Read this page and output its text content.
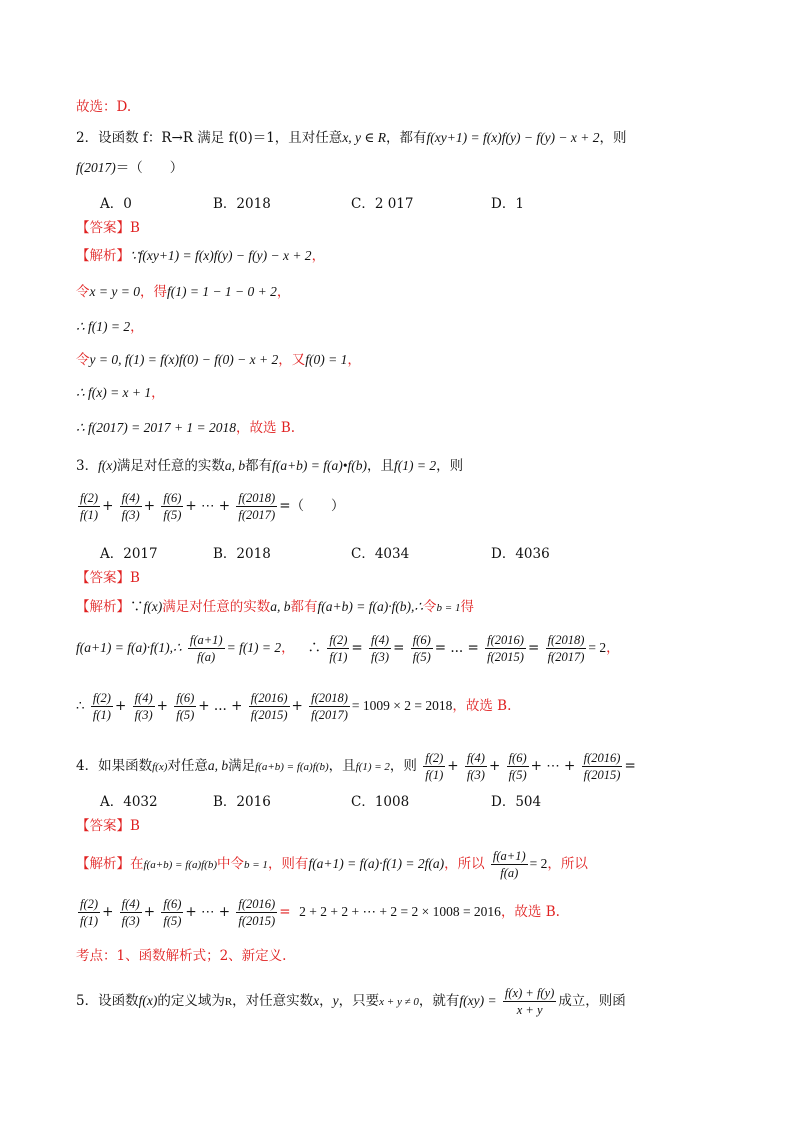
故选：D.
2．设函数 f：R→R 满足 f(0)＝1，且对任意x, y ∈ R，都有f(xy+1) = f(x)f(y) − f(y) − x + 2，则
f(2017)＝（　　）
A．0	B．2018	C．2 017	D．1
【答案】B
【解析】∵f(xy+1) = f(x)f(y) − f(y) − x + 2，
令x = y = 0，得f(1) = 1 − 1 − 0 + 2，
∴ f(1) = 2，
令y = 0, f(1) = f(x)f(0) − f(0) − x + 2，又f(0) = 1，
∴ f(x) = x + 1，
∴ f(2017) = 2017 + 1 = 2018，故选 B.
3．f(x)满足对任意的实数a, b都有f(a+b) = f(a)•f(b)，且f(1) = 2，则
$\frac{f(2)}{f(1)} + \frac{f(4)}{f(3)} + \frac{f(6)}{f(5)}$ + ⋯ + $\frac{f(2018)}{f(2017)}$ =（　　）
A．2017	B．2018	C．4034	D．4036
【答案】B
【解析】∵f(x)满足对任意的实数a, b都有f(a+b) = f(a)·f(b),∴令b = 1得
f(a+1) = f(a)·f(1),∴ $\frac{f(a+1)}{f(a)} = f(1) = 2$， ∴ $\frac{f(2)}{f(1)} = \frac{f(4)}{f(3)} = \frac{f(6)}{f(5)}$ = ... = $\frac{f(2016)}{f(2015)} = \frac{f(2018)}{f(2017)} = 2$，
∴ $\frac{f(2)}{f(1)} + \frac{f(4)}{f(3)} + \frac{f(6)}{f(5)}$ + ... + $\frac{f(2016)}{f(2015)} + \frac{f(2018)}{f(2017)} = 1009 \times 2 = 2018$，故选 B.
4．如果函数f(x)对任意a, b满足f(a+b) = f(a)f(b)，且f(1) = 2，则 $\frac{f(2)}{f(1)} + \frac{f(4)}{f(3)} + \frac{f(6)}{f(5)}$ + ⋯ + $\frac{f(2016)}{f(2015)}$ =
A．4032	B．2016	C．1008	D．504
【答案】B
【解析】在f(a+b) = f(a)f(b)中令b = 1，则有f(a+1) = f(a)·f(1) = 2f(a)，所以 $\frac{f(a+1)}{f(a)} = 2$，所以
$\frac{f(2)}{f(1)} + \frac{f(4)}{f(3)} + \frac{f(6)}{f(5)}$ + ⋯ + $\frac{f(2016)}{f(2015)} = 2 + 2 + 2$ + ⋯ + 2 = 2 × 1008 = 2016，故选 B.
考点：1、函数解析式；2、新定义.
5．设函数f(x)的定义域为R，对任意实数x，y，只要x + y ≠ 0，就有$f(xy) = \frac{f(x) + f(y)}{x + y}$ 成立，则函
